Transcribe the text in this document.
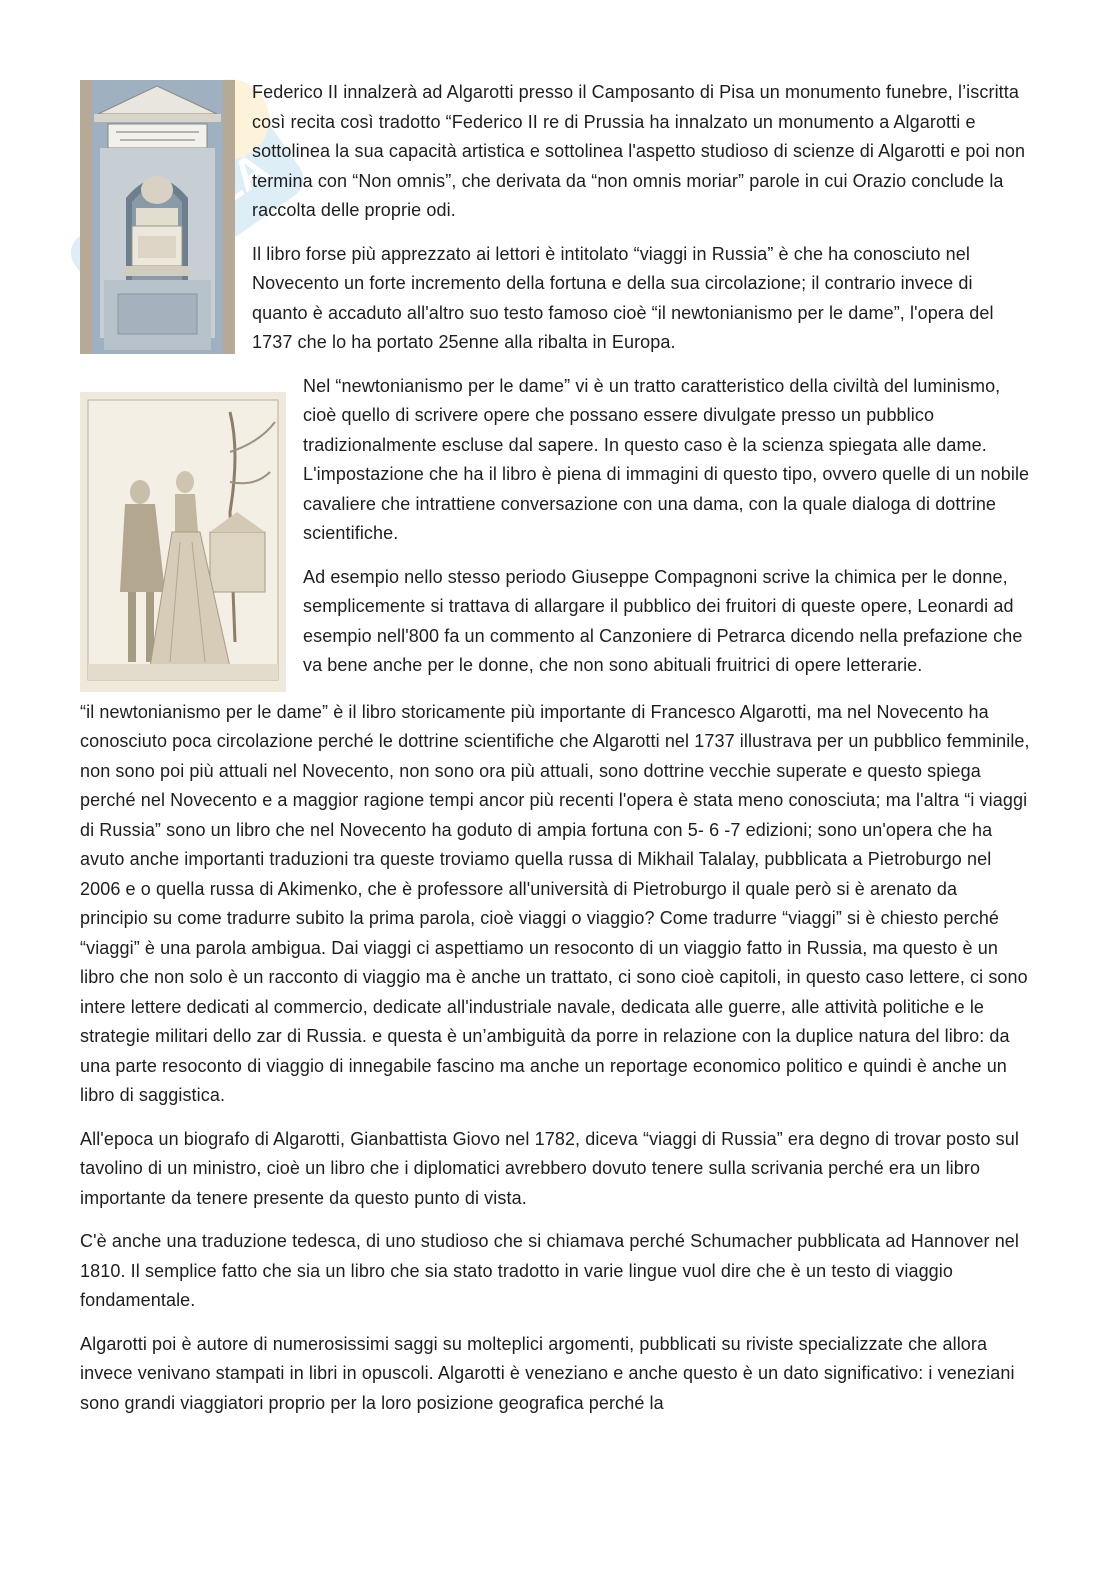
Federico II innalzerà ad Algarotti presso il Camposanto di Pisa un monumento funebre, l’iscritta così recita così tradotto “Federico II re di Prussia ha innalzato un monumento a Algarotti e sottolinea la sua capacità artistica e sottolinea l'aspetto studioso di scienze di Algarotti e poi non termina con “Non omnis”, che derivata da “non omnis moriar” parole in cui Orazio conclude la raccolta delle proprie odi.

Il libro forse più apprezzato ai lettori è intitolato “viaggi in Russia” è che ha conosciuto nel Novecento un forte incremento della fortuna e della sua circolazione; il contrario invece di quanto è accaduto all'altro suo testo famoso cioè “il newtonianismo per le dame”, l'opera del 1737 che lo ha portato 25enne alla ribalta in Europa.

Nel “newtonianismo per le dame” vi è un tratto caratteristico della civiltà del luminismo, cioè quello di scrivere opere che possano essere divulgate presso un pubblico tradizionalmente escluse dal sapere. In questo caso è la scienza spiegata alle dame. L'impostazione che ha il libro è piena di immagini di questo tipo, ovvero quelle di un nobile cavaliere che intrattiene conversazione con una dama, con la quale dialoga di dottrine scientifiche.

Ad esempio nello stesso periodo Giuseppe Compagnoni scrive la chimica per le donne, semplicemente si trattava di allargare il pubblico dei fruitori di queste opere, Leonardi ad esempio nell'800 fa un commento al Canzoniere di Petrarca dicendo nella prefazione che va bene anche per le donne, che non sono abituali fruitrici di opere letterarie.

“il newtonianismo per le dame” è il libro storicamente più importante di Francesco Algarotti, ma nel Novecento ha conosciuto poca circolazione perché le dottrine scientifiche che Algarotti nel 1737 illustrava per un pubblico femminile, non sono poi più attuali nel Novecento, non sono ora più attuali, sono dottrine vecchie superate e questo spiega perché nel Novecento e a maggior ragione tempi ancor più recenti l'opera è stata meno conosciuta; ma l'altra “i viaggi di Russia” sono un libro che nel Novecento ha goduto di ampia fortuna con 5- 6 -7 edizioni; sono un'opera che ha avuto anche importanti traduzioni tra queste troviamo quella russa di Mikhail Talalay, pubblicata a Pietroburgo nel 2006 e o quella russa di Akimenko, che è professore all'università di Pietroburgo il quale però si è arenato da principio su come tradurre subito la prima parola, cioè viaggi o viaggio? Come tradurre “viaggi” si è chiesto perché “viaggi” è una parola ambigua. Dai viaggi ci aspettiamo un resoconto di un viaggio fatto in Russia, ma questo è un libro che non solo è un racconto di viaggio ma è anche un trattato, ci sono cioè capitoli, in questo caso lettere, ci sono intere lettere dedicati al commercio, dedicate all'industriale navale, dedicata alle guerre, alle attività politiche e le strategie militari dello zar di Russia. e questa è un’ambiguità da porre in relazione con la duplice natura del libro: da una parte resoconto di viaggio di innegabile fascino ma anche un reportage economico politico e quindi è anche un libro di saggistica.

All'epoca un biografo di Algarotti, Gianbattista Giovo nel 1782, diceva “viaggi di Russia” era degno di trovar posto sul tavolino di un ministro, cioè un libro che i diplomatici avrebbero dovuto tenere sulla scrivania perché era un libro importante da tenere presente da questo punto di vista.

C'è anche una traduzione tedesca, di uno studioso che si chiamava perché Schumacher pubblicata ad Hannover nel 1810. Il semplice fatto che sia un libro che sia stato tradotto in varie lingue vuol dire che è un testo di viaggio fondamentale.

Algarotti poi è autore di numerosissimi saggi su molteplici argomenti, pubblicati su riviste specializzate che allora invece venivano stampati in libri in opuscoli. Algarotti è veneziano e anche questo è un dato significativo: i veneziani sono grandi viaggiatori proprio per la loro posizione geografica perché la
